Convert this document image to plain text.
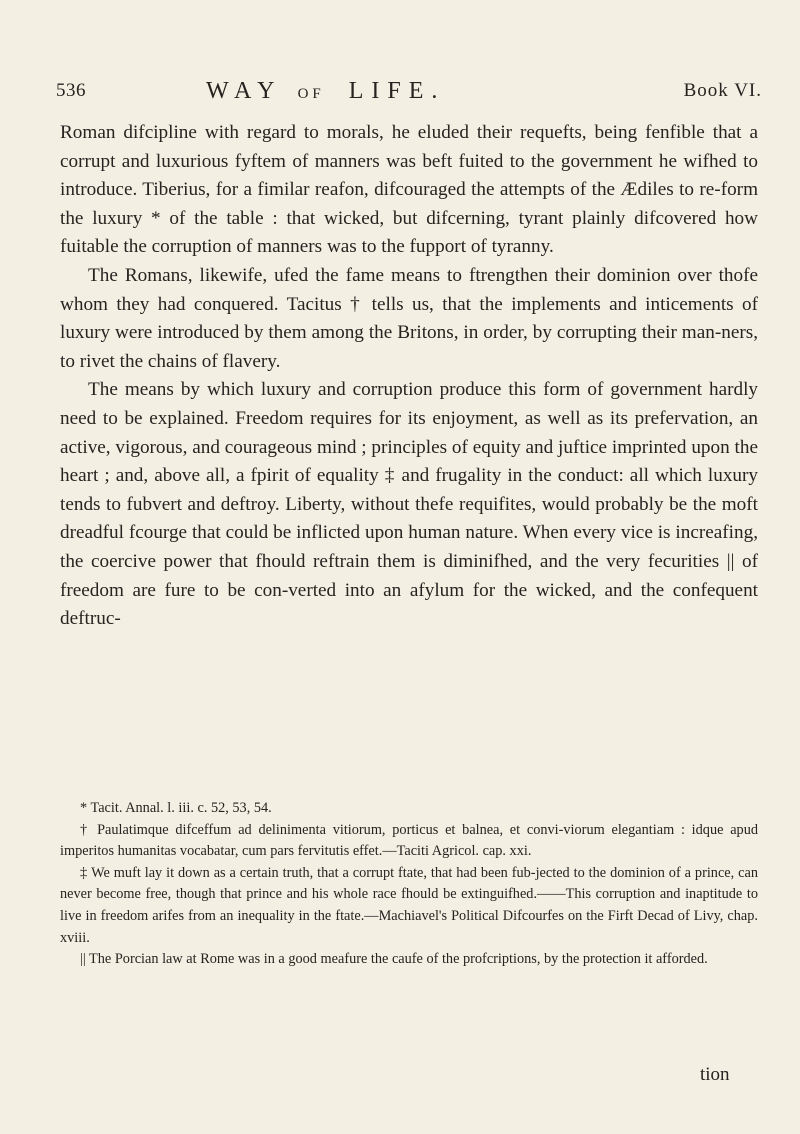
536	WAY OF LIFE.	Book VI.

Roman difcipline with regard to morals, he eluded their requefts, being fenfible that a corrupt and luxurious fyftem of manners was beft fuited to the government he wifhed to introduce. Tiberius, for a fimilar reafon, difcouraged the attempts of the Ædiles to re-form the luxury * of the table : that wicked, but difcerning, tyrant plainly difcovered how fuitable the corruption of manners was to the fupport of tyranny.

The Romans, likewife, ufed the fame means to ftrengthen their dominion over thofe whom they had conquered. Tacitus † tells us, that the implements and inticements of luxury were introduced by them among the Britons, in order, by corrupting their man-ners, to rivet the chains of flavery.

The means by which luxury and corruption produce this form of government hardly need to be explained. Freedom requires for its enjoyment, as well as its prefervation, an active, vigorous, and courageous mind ; principles of equity and juftice imprinted upon the heart ; and, above all, a fpirit of equality ‡ and frugality in the conduct: all which luxury tends to fubvert and deftroy. Liberty, without thefe requifites, would probably be the moft dreadful fcourge that could be inflicted upon human nature. When every vice is increafing, the coercive power that fhould reftrain them is diminifhed, and the very fecurities || of freedom are fure to be con-verted into an afylum for the wicked, and the confequent deftruc-

* Tacit. Annal. l. iii. c. 52, 53, 54.

† Paulatimque difceffum ad delinimenta vitiorum, porticus et balnea, et convi-viorum elegantiam : idque apud imperitos humanitas vocabatar, cum pars fervitutis effet.—Taciti Agricol. cap. xxi.

‡ We muft lay it down as a certain truth, that a corrupt ftate, that had been fub-jected to the dominion of a prince, can never become free, though that prince and his whole race fhould be extinguifhed.——This corruption and inaptitude to live in freedom arifes from an inequality in the ftate.—Machiavel's Political Difcourfes on the Firft Decad of Livy, chap. xviii.

|| The Porcian law at Rome was in a good meafure the caufe of the profcriptions, by the protection it afforded.

tion
